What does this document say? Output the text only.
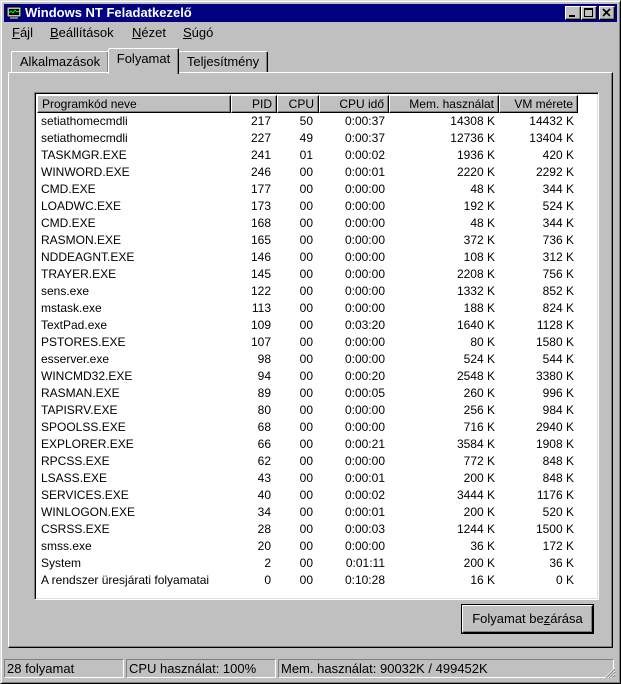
Windows NT Feladatkezelő
Fájl Beállítások Nézet Súgó
Alkalmazások	Folyamat	Teljesítmény
Programkód neve	PID	CPU	CPU idő	Mem. használat	VM mérete
setiathomecmdli	217	50	0:00:37	14308 K	14432 K
setiathomecmdli	227	49	0:00:37	12736 K	13404 K
TASKMGR.EXE	241	01	0:00:02	1936 K	420 K
WINWORD.EXE	246	00	0:00:01	2220 K	2292 K
CMD.EXE	177	00	0:00:00	48 K	344 K
LOADWC.EXE	173	00	0:00:00	192 K	524 K
CMD.EXE	168	00	0:00:00	48 K	344 K
RASMON.EXE	165	00	0:00:00	372 K	736 K
NDDEAGNT.EXE	146	00	0:00:00	108 K	312 K
TRAYER.EXE	145	00	0:00:00	2208 K	756 K
sens.exe	122	00	0:00:00	1332 K	852 K
mstask.exe	113	00	0:00:00	188 K	824 K
TextPad.exe	109	00	0:03:20	1640 K	1128 K
PSTORES.EXE	107	00	0:00:00	80 K	1580 K
esserver.exe	98	00	0:00:00	524 K	544 K
WINCMD32.EXE	94	00	0:00:20	2548 K	3380 K
RASMAN.EXE	89	00	0:00:05	260 K	996 K
TAPISRV.EXE	80	00	0:00:00	256 K	984 K
SPOOLSS.EXE	68	00	0:00:00	716 K	2940 K
EXPLORER.EXE	66	00	0:00:21	3584 K	1908 K
RPCSS.EXE	62	00	0:00:00	772 K	848 K
LSASS.EXE	43	00	0:00:01	200 K	848 K
SERVICES.EXE	40	00	0:00:02	3444 K	1176 K
WINLOGON.EXE	34	00	0:00:01	200 K	520 K
CSRSS.EXE	28	00	0:00:03	1244 K	1500 K
smss.exe	20	00	0:00:00	36 K	172 K
System	2	00	0:01:11	200 K	36 K
A rendszer üresjárati folyamatai	0	00	0:10:28	16 K	0 K
Folyamat bezárása
28 folyamat	CPU használat: 100%	Mem. használat: 90032K / 499452K
